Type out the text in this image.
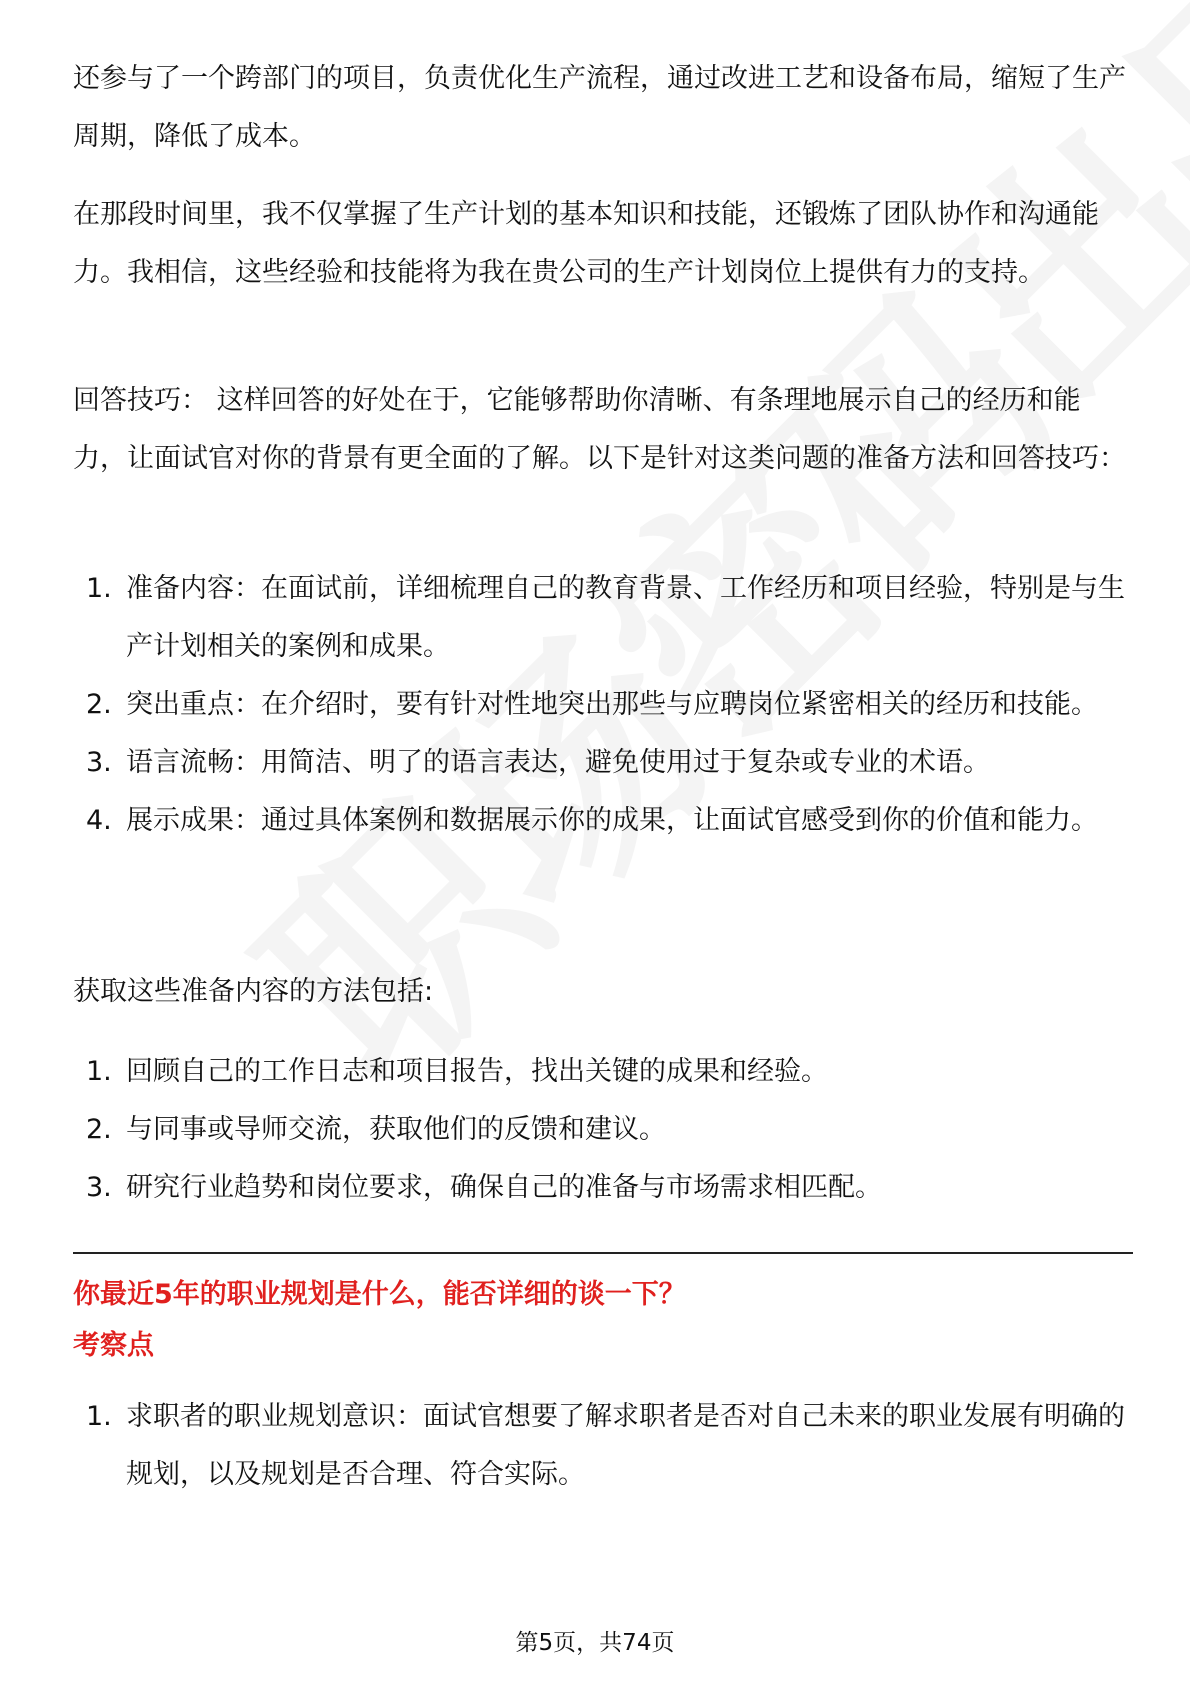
还参与了一个跨部门的项目，负责优化生产流程，通过改进工艺和设备布局，缩短了生产周期，降低了成本。

在那段时间里，我不仅掌握了生产计划的基本知识和技能，还锻炼了团队协作和沟通能力。我相信，这些经验和技能将为我在贵公司的生产计划岗位上提供有力的支持。

回答技巧： 这样回答的好处在于，它能够帮助你清晰、有条理地展示自己的经历和能力，让面试官对你的背景有更全面的了解。以下是针对这类问题的准备方法和回答技巧：

1. 准备内容：在面试前，详细梳理自己的教育背景、工作经历和项目经验，特别是与生产计划相关的案例和成果。
2. 突出重点：在介绍时，要有针对性地突出那些与应聘岗位紧密相关的经历和技能。
3. 语言流畅：用简洁、明了的语言表达，避免使用过于复杂或专业的术语。
4. 展示成果：通过具体案例和数据展示你的成果，让面试官感受到你的价值和能力。

获取这些准备内容的方法包括:

1. 回顾自己的工作日志和项目报告，找出关键的成果和经验。
2. 与同事或导师交流，获取他们的反馈和建议。
3. 研究行业趋势和岗位要求，确保自己的准备与市场需求相匹配。
你最近5年的职业规划是什么，能否详细的谈一下？
考察点
1. 求职者的职业规划意识：面试官想要了解求职者是否对自己未来的职业发展有明确的规划，以及规划是否合理、符合实际。
第5页，共74页
